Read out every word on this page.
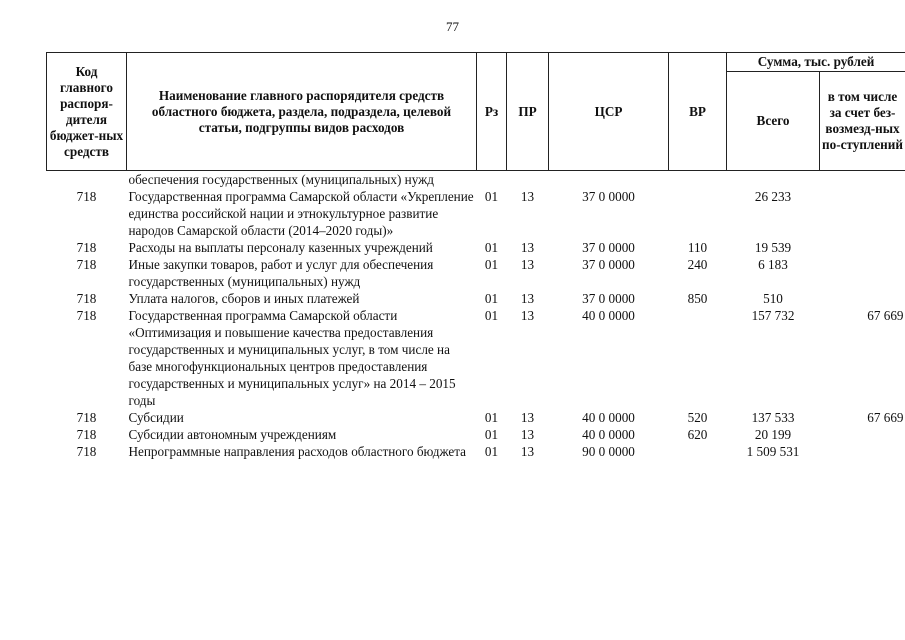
77
Код главного распоря-дителя бюджет-ных средств	Наименование главного распорядителя средств областного бюджета, раздела, подраздела, целевой статьи, подгруппы видов расходов	Рз	ПР	ЦСР	ВР	Сумма, тыс. рублей	
						Всего	в том числе за счет без-возмезд-ных по-ступлений
	обеспечения государственных (муниципальных) нужд						
718	Государственная программа Самарской области «Укрепление единства российской нации и этнокультурное развитие народов Самарской области (2014–2020 годы)»	01	13	37 0 0000		26 233	
718	Расходы на выплаты персоналу казенных учреждений	01	13	37 0 0000	110	19 539	
718	Иные закупки товаров, работ и услуг для обеспечения государственных (муниципальных) нужд	01	13	37 0 0000	240	6 183	
718	Уплата налогов, сборов и иных платежей	01	13	37 0 0000	850	510	
718	Государственная программа Самарской области «Оптимизация и повышение качества предоставления государственных и муниципальных услуг, в том числе на базе многофункциональных центров предоставления государственных и муниципальных услуг» на 2014 – 2015 годы	01	13	40 0 0000		157 732	67 669
718	Субсидии	01	13	40 0 0000	520	137 533	67 669
718	Субсидии автономным учреждениям	01	13	40 0 0000	620	20 199	
718	Непрограммные направления расходов областного бюджета	01	13	90 0 0000		1 509 531	
